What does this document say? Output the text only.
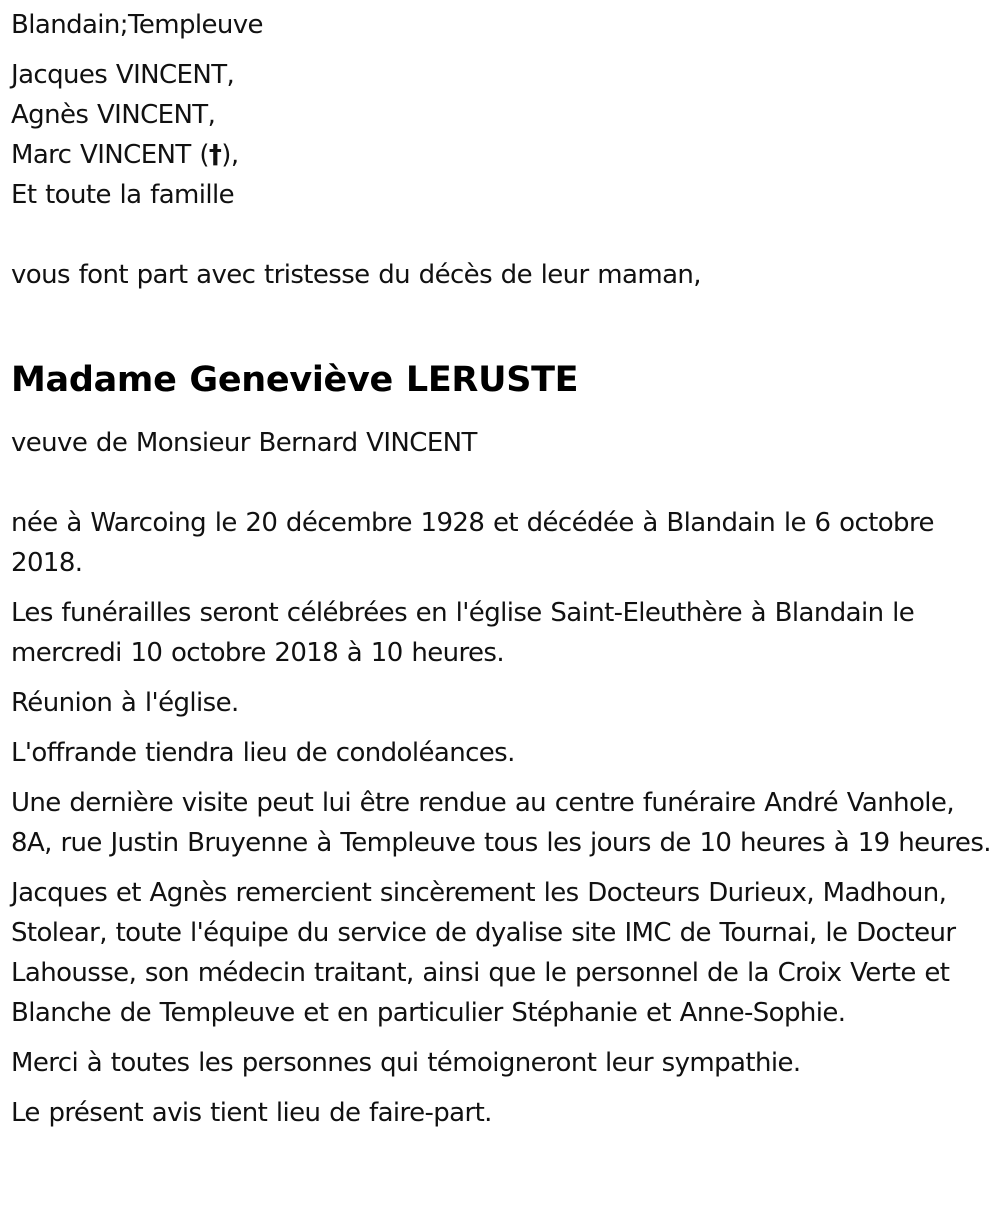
Blandain;Templeuve

Jacques VINCENT,

Agnès VINCENT,

Marc VINCENT (†),

Et toute la famille

vous font part avec tristesse du décès de leur maman,

Madame Geneviève LERUSTE

veuve de Monsieur Bernard VINCENT

née à Warcoing le 20 décembre 1928 et décédée à Blandain le 6 octobre 2018.

Les funérailles seront célébrées en l'église Saint-Eleuthère à Blandain le mercredi 10 octobre 2018 à 10 heures.

Réunion à l'église.

L'offrande tiendra lieu de condoléances.

Une dernière visite peut lui être rendue au centre funéraire André Vanhole, 8A, rue Justin Bruyenne à Templeuve tous les jours de 10 heures à 19 heures.

Jacques et Agnès remercient sincèrement les Docteurs Durieux, Madhoun, Stolear, toute l'équipe du service de dyalise site IMC de Tournai, le Docteur Lahousse, son médecin traitant, ainsi que le personnel de la Croix Verte et Blanche de Templeuve et en particulier Stéphanie et Anne-Sophie.

Merci à toutes les personnes qui témoigneront leur sympathie.

Le présent avis tient lieu de faire-part.
